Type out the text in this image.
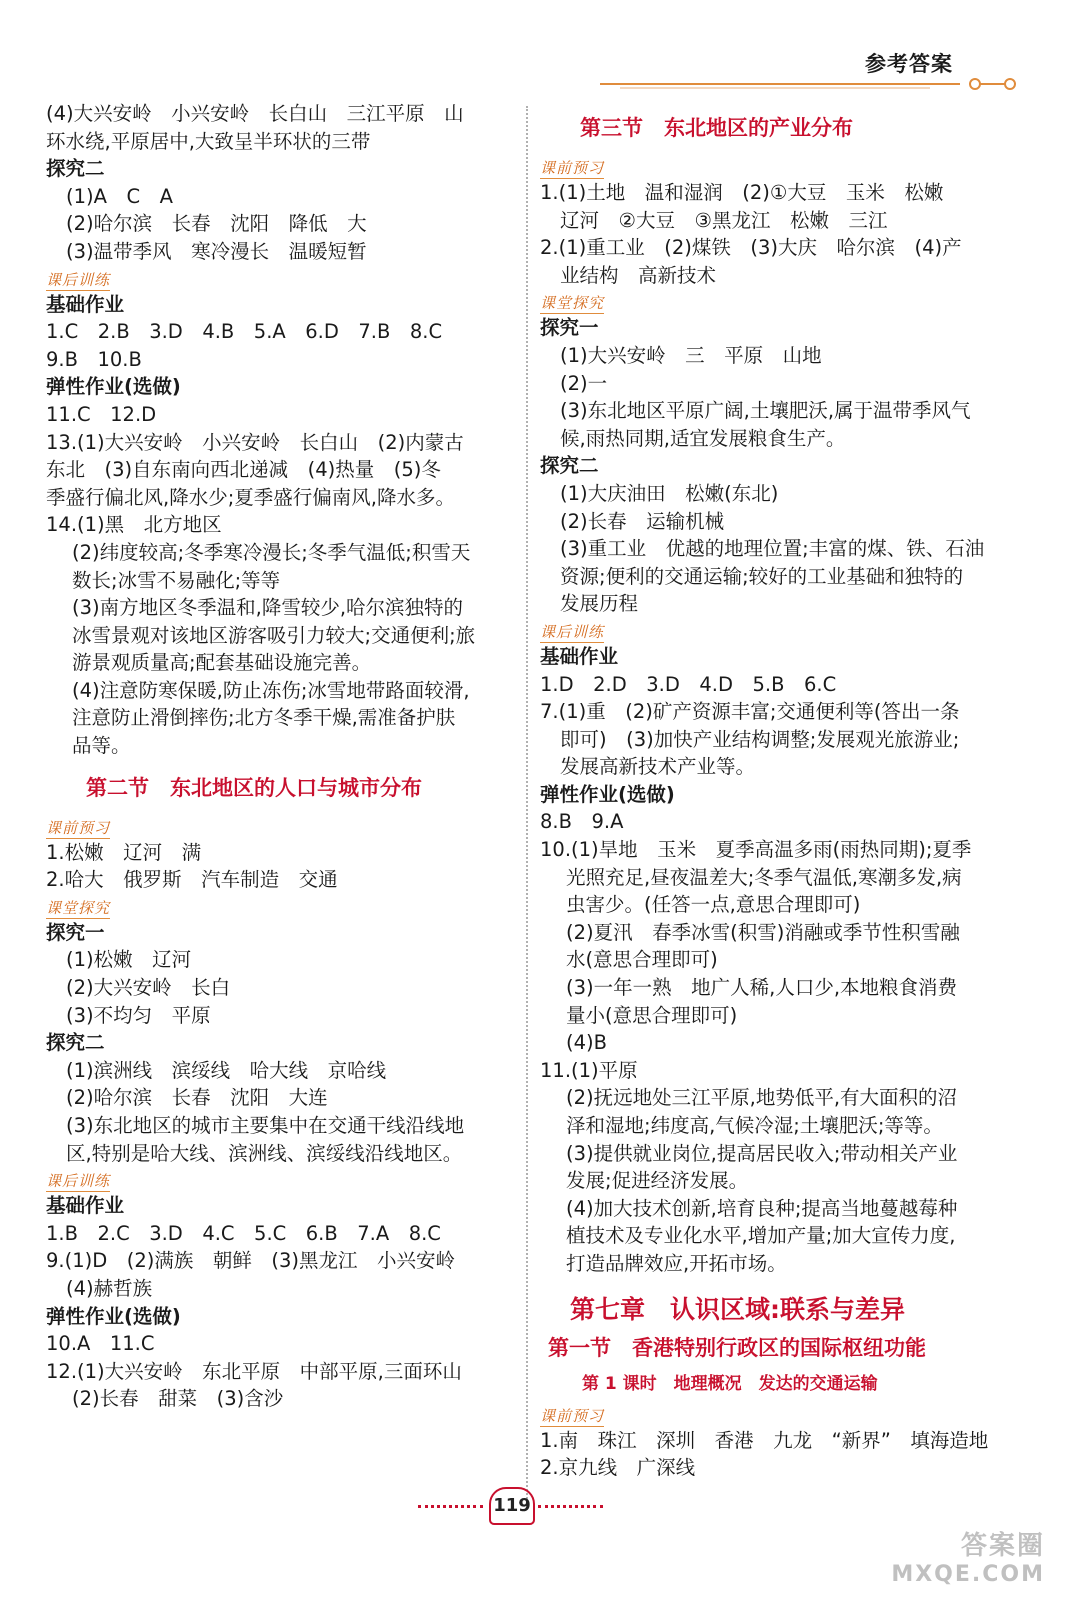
参考答案
(4)大兴安岭　小兴安岭　长白山　三江平原　山
环水绕,平原居中,大致呈半环状的三带
探究二
(1)A　C　A
(2)哈尔滨　长春　沈阳　降低　大
(3)温带季风　寒冷漫长　温暖短暂
课后训练
基础作业
1.C　2.B　3.D　4.B　5.A　6.D　7.B　8.C
9.B　10.B
弹性作业(选做)
11.C　12.D
13.(1)大兴安岭　小兴安岭　长白山　(2)内蒙古
东北　(3)自东南向西北递减　(4)热量　(5)冬
季盛行偏北风,降水少;夏季盛行偏南风,降水多。
14.(1)黑　北方地区
(2)纬度较高;冬季寒冷漫长;冬季气温低;积雪天
数长;冰雪不易融化;等等
(3)南方地区冬季温和,降雪较少,哈尔滨独特的
冰雪景观对该地区游客吸引力较大;交通便利;旅
游景观质量高;配套基础设施完善。
(4)注意防寒保暖,防止冻伤;冰雪地带路面较滑,
注意防止滑倒摔伤;北方冬季干燥,需准备护肤
品等。
第二节　东北地区的人口与城市分布
课前预习
1.松嫩　辽河　满
2.哈大　俄罗斯　汽车制造　交通
课堂探究
探究一
(1)松嫩　辽河
(2)大兴安岭　长白
(3)不均匀　平原
探究二
(1)滨洲线　滨绥线　哈大线　京哈线
(2)哈尔滨　长春　沈阳　大连
(3)东北地区的城市主要集中在交通干线沿线地
区,特别是哈大线、滨洲线、滨绥线沿线地区。
课后训练
基础作业
1.B　2.C　3.D　4.C　5.C　6.B　7.A　8.C
9.(1)D　(2)满族　朝鲜　(3)黑龙江　小兴安岭
(4)赫哲族
弹性作业(选做)
10.A　11.C
12.(1)大兴安岭　东北平原　中部平原,三面环山
(2)长春　甜菜　(3)含沙
第三节　东北地区的产业分布
课前预习
1.(1)土地　温和湿润　(2)①大豆　玉米　松嫩
辽河　②大豆　③黑龙江　松嫩　三江
2.(1)重工业　(2)煤铁　(3)大庆　哈尔滨　(4)产
业结构　高新技术
课堂探究
探究一
(1)大兴安岭　三　平原　山地
(2)一
(3)东北地区平原广阔,土壤肥沃,属于温带季风气
候,雨热同期,适宜发展粮食生产。
探究二
(1)大庆油田　松嫩(东北)
(2)长春　运输机械
(3)重工业　优越的地理位置;丰富的煤、铁、石油
资源;便利的交通运输;较好的工业基础和独特的
发展历程
课后训练
基础作业
1.D　2.D　3.D　4.D　5.B　6.C
7.(1)重　(2)矿产资源丰富;交通便利等(答出一条
即可)　(3)加快产业结构调整;发展观光旅游业;
发展高新技术产业等。
弹性作业(选做)
8.B　9.A
10.(1)旱地　玉米　夏季高温多雨(雨热同期);夏季
光照充足,昼夜温差大;冬季气温低,寒潮多发,病
虫害少。(任答一点,意思合理即可)
(2)夏汛　春季冰雪(积雪)消融或季节性积雪融
水(意思合理即可)
(3)一年一熟　地广人稀,人口少,本地粮食消费
量小(意思合理即可)
(4)B
11.(1)平原
(2)抚远地处三江平原,地势低平,有大面积的沼
泽和湿地;纬度高,气候冷湿;土壤肥沃;等等。
(3)提供就业岗位,提高居民收入;带动相关产业
发展;促进经济发展。
(4)加大技术创新,培育良种;提高当地蔓越莓种
植技术及专业化水平,增加产量;加大宣传力度,
打造品牌效应,开拓市场。
第七章　认识区域:联系与差异
第一节　香港特别行政区的国际枢纽功能
第 1 课时　地理概况　发达的交通运输
课前预习
1.南　珠江　深圳　香港　九龙　“新界”　填海造地
2.京九线　广深线
119
答案圈
MXQE.COM
